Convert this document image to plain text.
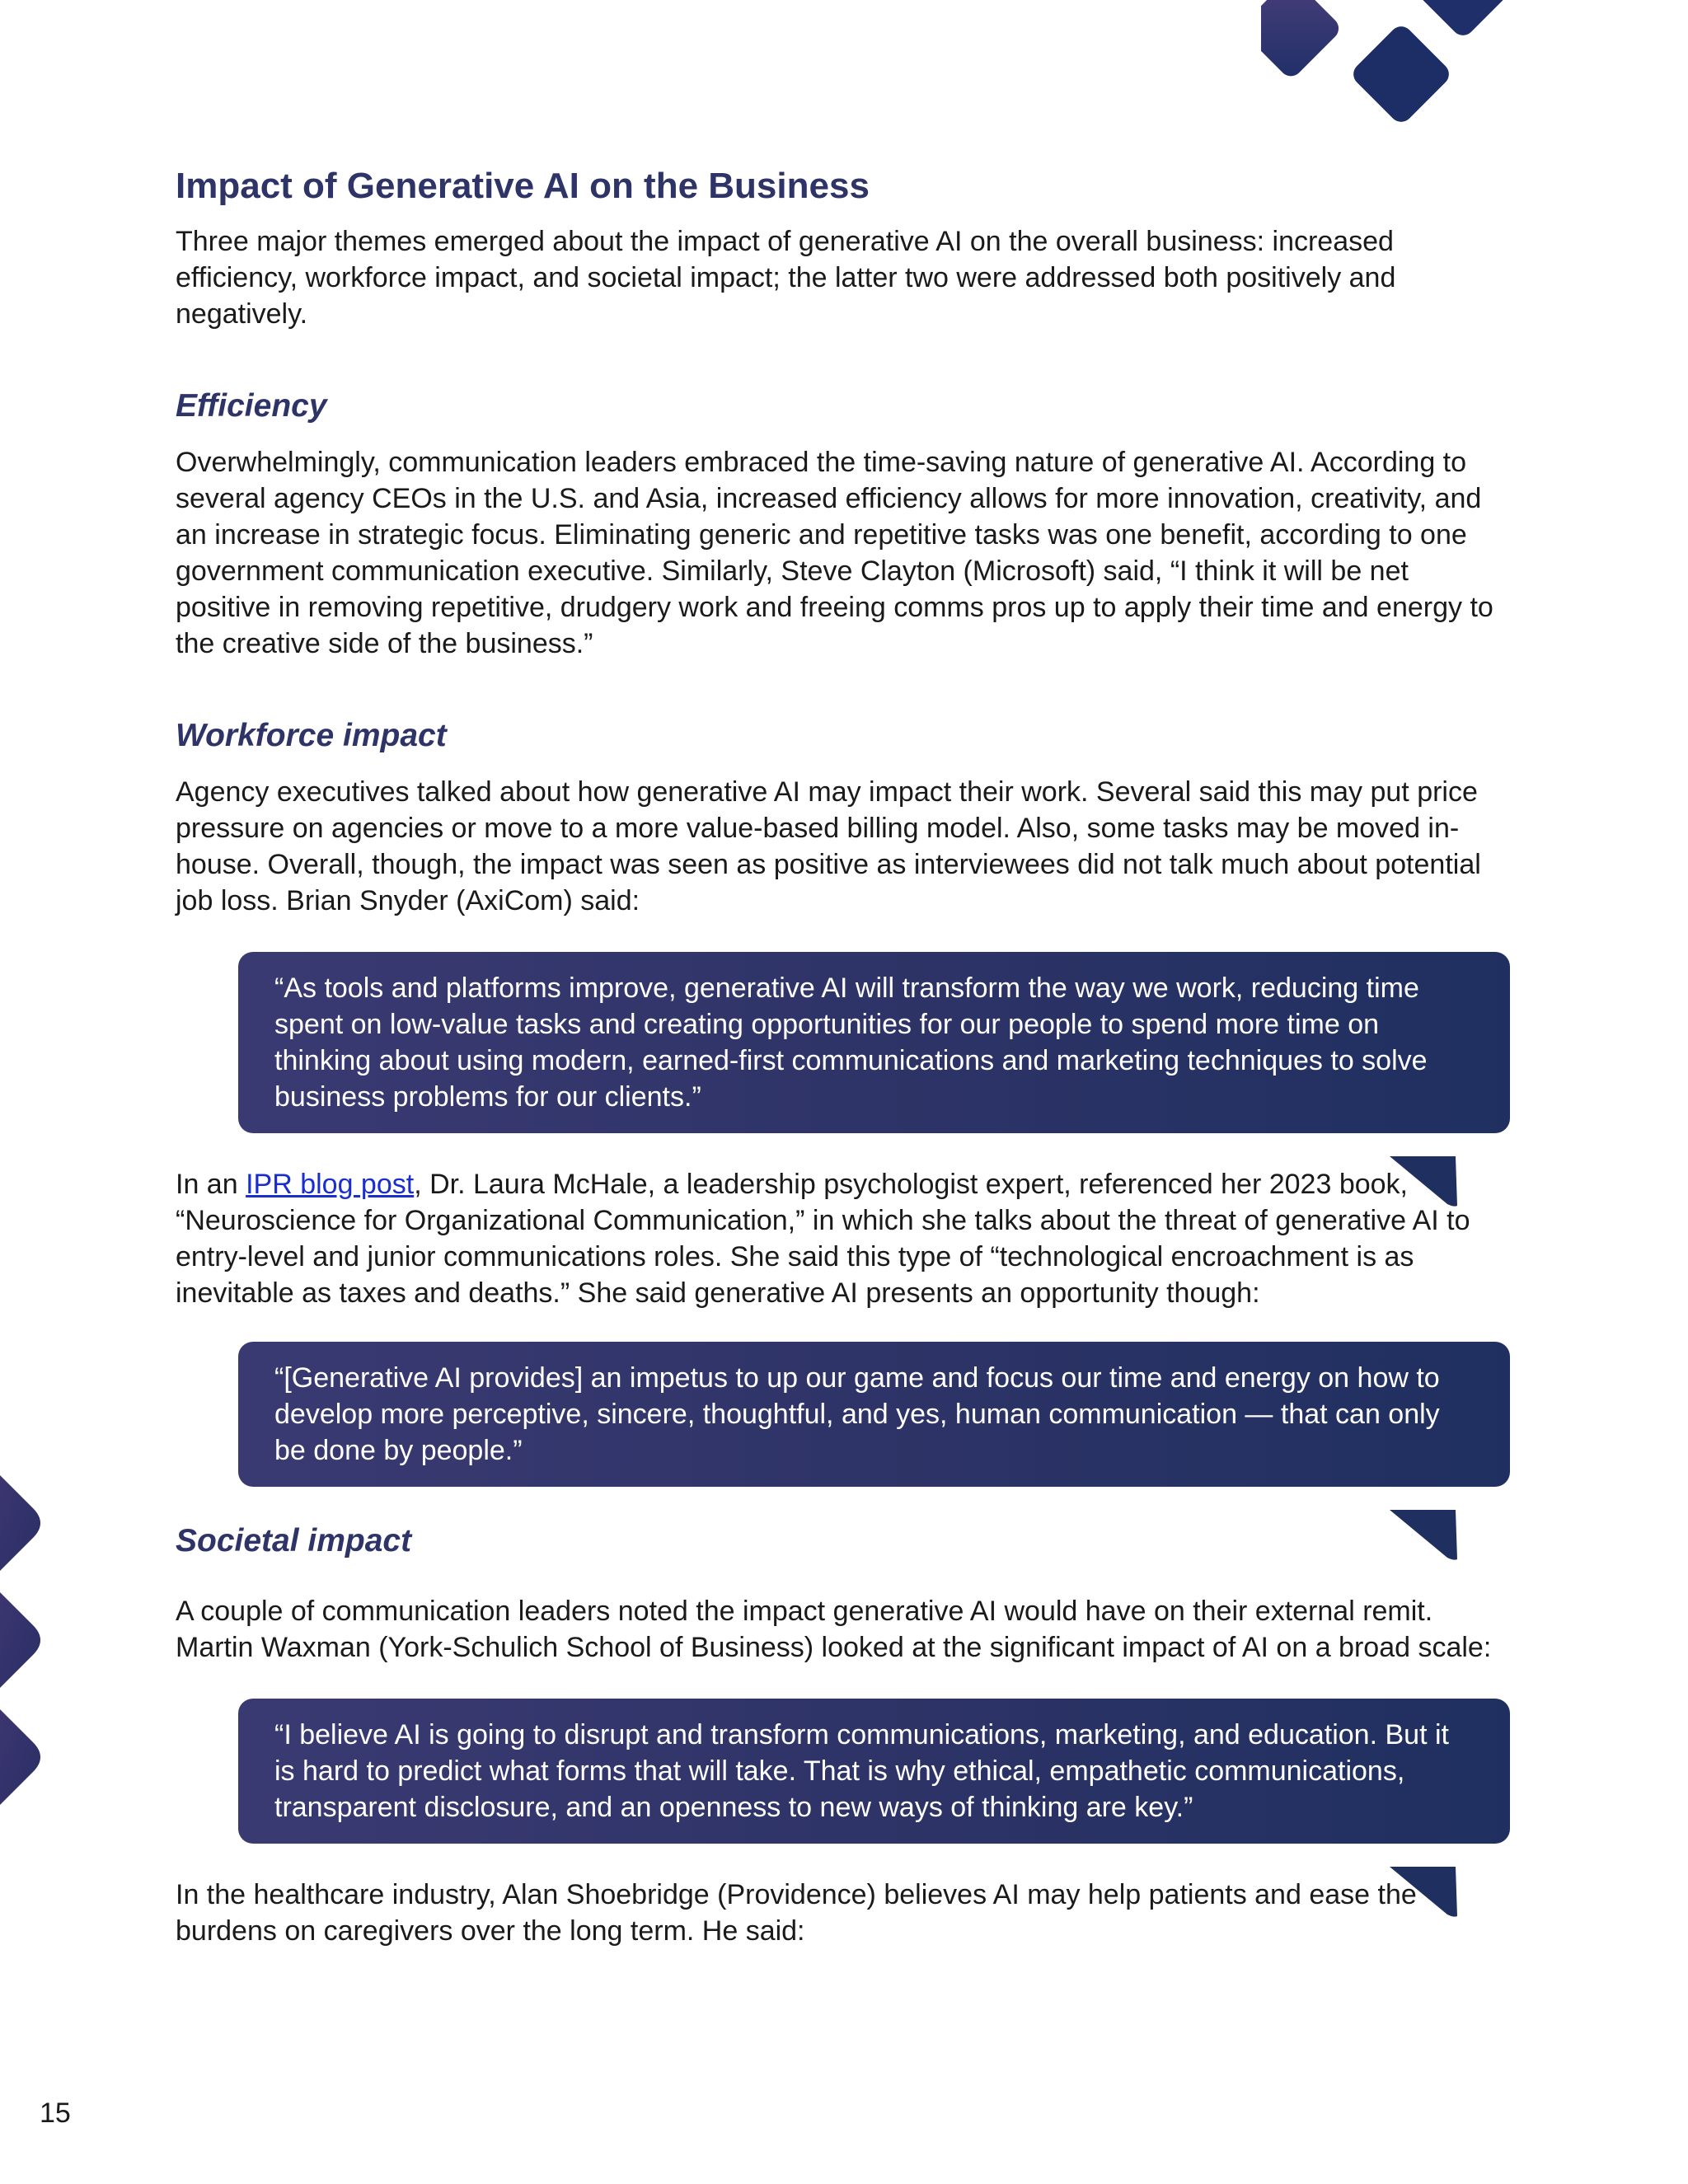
Impact of Generative AI on the Business

Three major themes emerged about the impact of generative AI on the overall business: increased efficiency, workforce impact, and societal impact; the latter two were addressed both positively and negatively.

Efficiency

Overwhelmingly, communication leaders embraced the time-saving nature of generative AI. According to several agency CEOs in the U.S. and Asia, increased efficiency allows for more innovation, creativity, and an increase in strategic focus. Eliminating generic and repetitive tasks was one benefit, according to one government communication executive. Similarly, Steve Clayton (Microsoft) said, “I think it will be net positive in removing repetitive, drudgery work and freeing comms pros up to apply their time and energy to the creative side of the business.”

Workforce impact

Agency executives talked about how generative AI may impact their work. Several said this may put price pressure on agencies or move to a more value-based billing model. Also, some tasks may be moved in-house. Overall, though, the impact was seen as positive as interviewees did not talk much about potential job loss. Brian Snyder (AxiCom) said:

“As tools and platforms improve, generative AI will transform the way we work, reducing time spent on low-value tasks and creating opportunities for our people to spend more time on thinking about using modern, earned-first communications and marketing techniques to solve business problems for our clients.”

In an IPR blog post, Dr. Laura McHale, a leadership psychologist expert, referenced her 2023 book, “Neuroscience for Organizational Communication,” in which she talks about the threat of generative AI to entry-level and junior communications roles. She said this type of “technological encroachment is as inevitable as taxes and deaths.” She said generative AI presents an opportunity though:

“[Generative AI provides] an impetus to up our game and focus our time and energy on how to develop more perceptive, sincere, thoughtful, and yes, human communication — that can only be done by people.”

Societal impact

A couple of communication leaders noted the impact generative AI would have on their external remit. Martin Waxman (York-Schulich School of Business) looked at the significant impact of AI on a broad scale:

“I believe AI is going to disrupt and transform communications, marketing, and education. But it is hard to predict what forms that will take. That is why ethical, empathetic communications, transparent disclosure, and an openness to new ways of thinking are key.”

In the healthcare industry, Alan Shoebridge (Providence) believes AI may help patients and ease the burdens on caregivers over the long term. He said:

15
